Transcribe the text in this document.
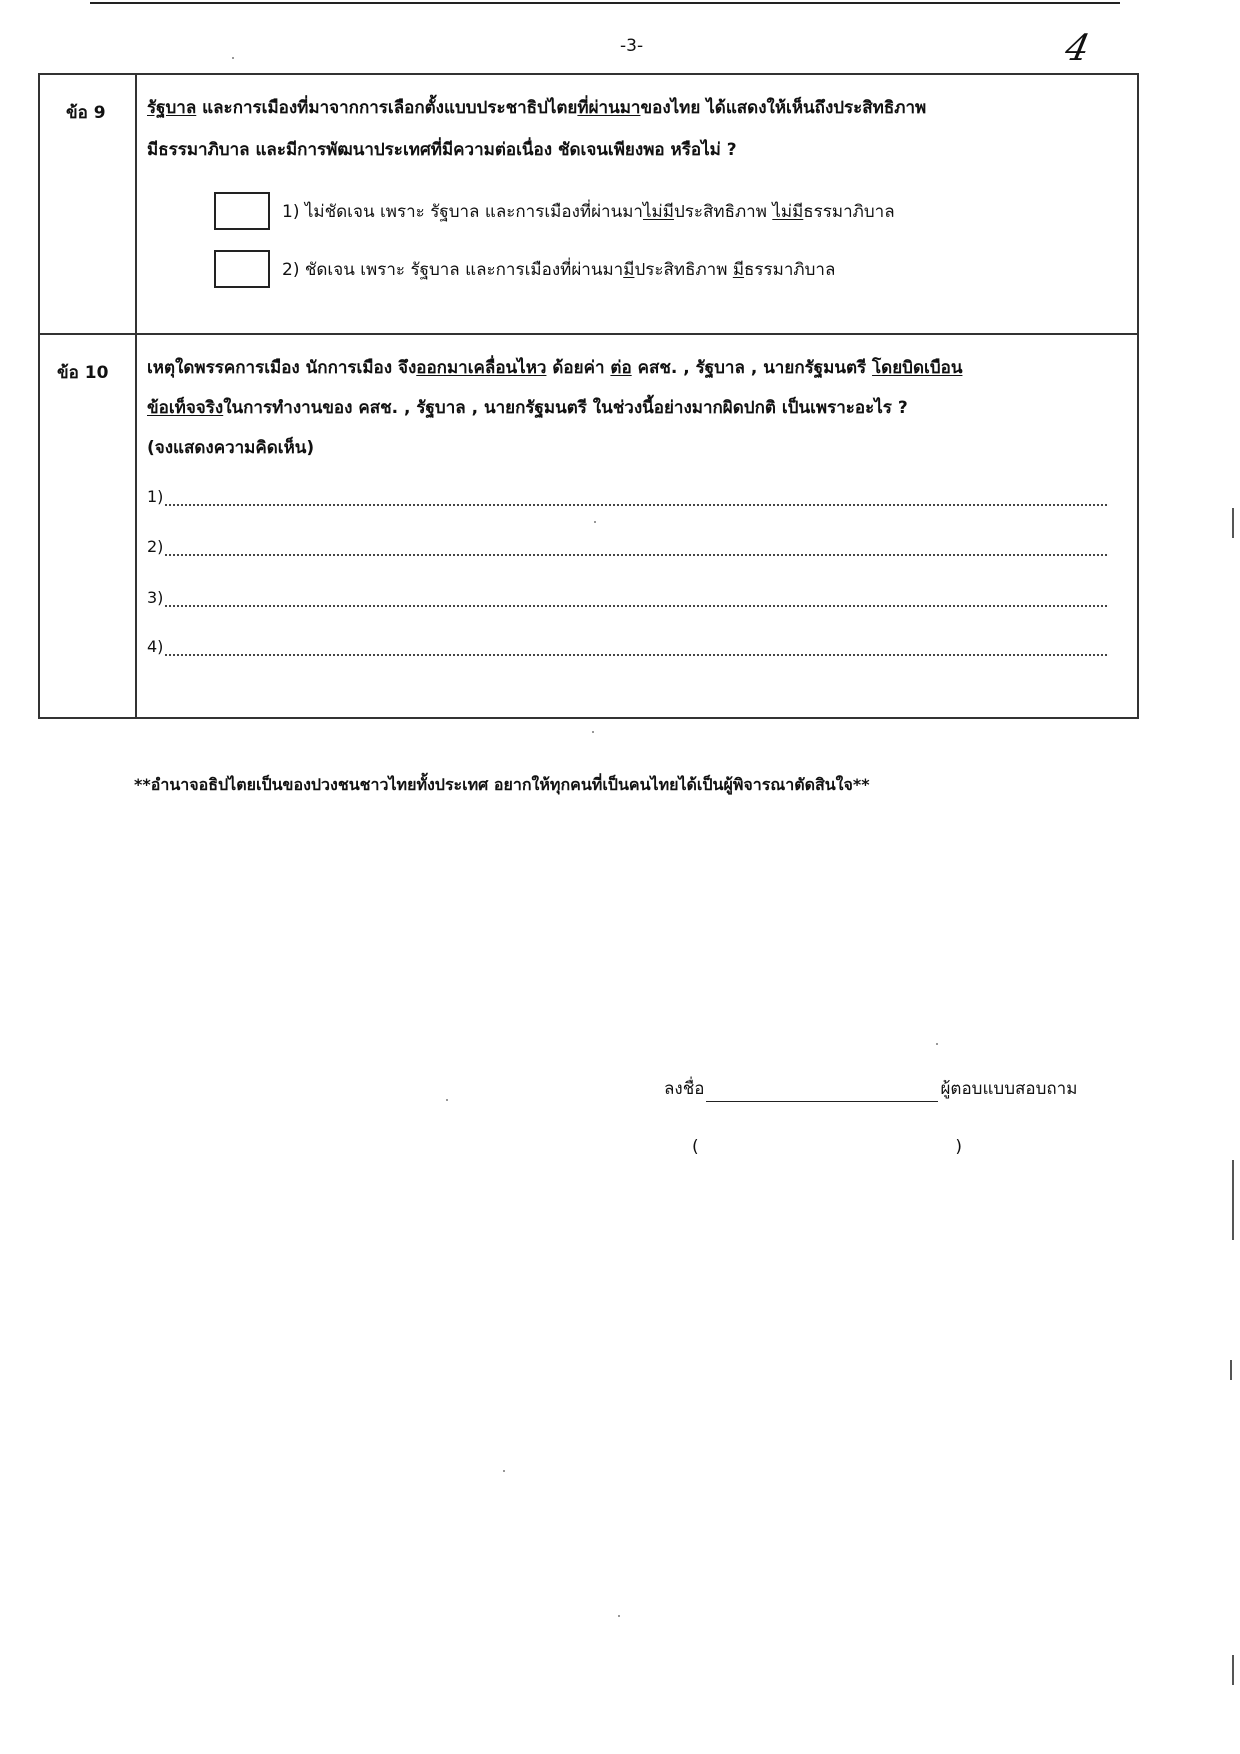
-3-	4
ข้อ 9 รัฐบาล และการเมืองที่มาจากการเลือกตั้งแบบประชาธิปไตยที่ผ่านมาของไทย ได้แสดงให้เห็นถึงประสิทธิภาพ
มีธรรมาภิบาล และมีการพัฒนาประเทศที่มีความต่อเนื่อง ชัดเจนเพียงพอ หรือไม่ ?
1) ไม่ชัดเจน เพราะ รัฐบาล และการเมืองที่ผ่านมาไม่มีประสิทธิภาพ ไม่มีธรรมาภิบาล
2) ชัดเจน เพราะ รัฐบาล และการเมืองที่ผ่านมามีประสิทธิภาพ มีธรรมาภิบาล
ข้อ 10 เหตุใดพรรคการเมือง นักการเมือง จึงออกมาเคลื่อนไหว ด้อยค่า ต่อ คสช. , รัฐบาล , นายกรัฐมนตรี โดยบิดเบือน
ข้อเท็จจริงในการทำงานของ คสช. , รัฐบาล , นายกรัฐมนตรี ในช่วงนี้อย่างมากผิดปกติ เป็นเพราะอะไร ?
(จงแสดงความคิดเห็น)
1)
2)
3)
4)
**อำนาจอธิปไตยเป็นของปวงชนชาวไทยทั้งประเทศ อยากให้ทุกคนที่เป็นคนไทยได้เป็นผู้พิจารณาตัดสินใจ**
ลงชื่อ	ผู้ตอบแบบสอบถาม
(	)
